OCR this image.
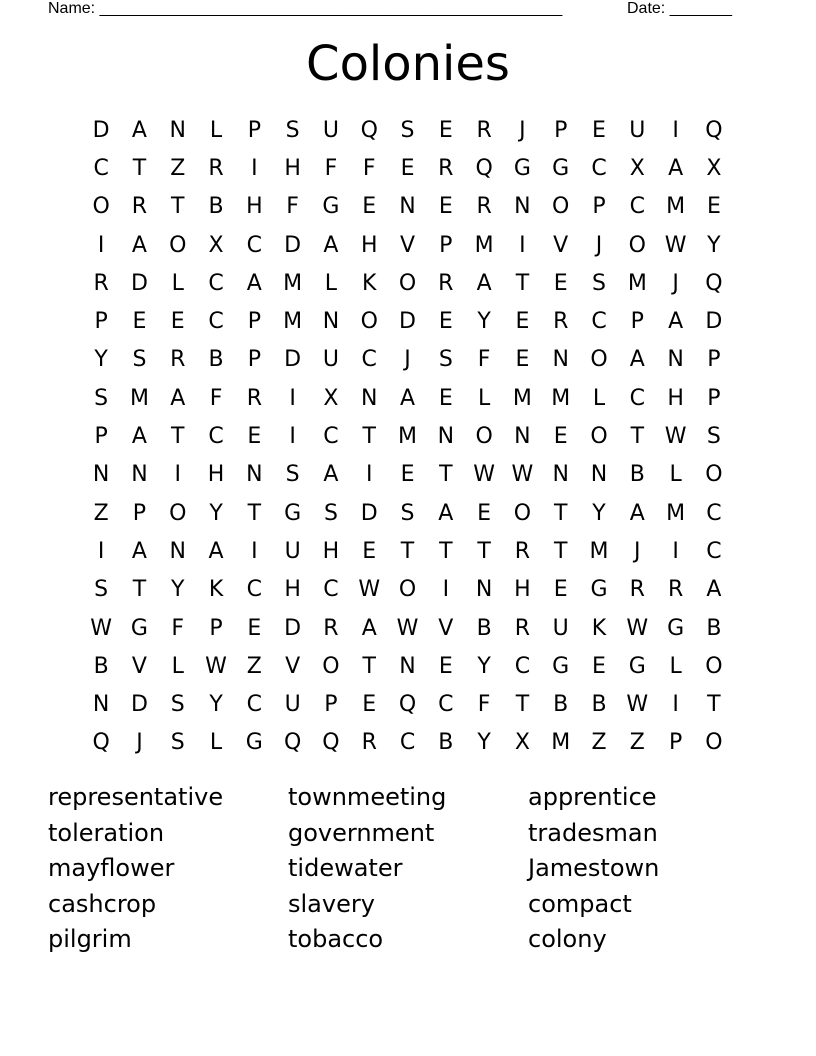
Name: ____________________________________________________	Date: _______
Colonies
D	A	N	L	P	S	U Q	S	E	R	J	P	E	U	I	Q
C	T	Z	R	I	H	F	F	E	R Q G G	C	X	A	X
O R	T	B	H	F	G	E	N	E	R	N O	P	C M E
I	A	O	X	C	D	A	H	V	P	M	I	V	J	O W Y
R	D	L	C	A M	L	K	O R	A	T	E	S M	J	Q
P	E	E	C	P	M N O D	E	Y	E	R	C	P	A	D
Y	S	R	B	P	D U	C	J	S	F	E	N O	A	N	P
S M A	F	R	I	X	N	A	E	L	M M	L	C	H	P
P	A	T	C	E	I	C	T	M N O N	E	O	T W S
N N	I	H N	S	A	I	E	T W W N N	B	L	O
Z	P	O	Y	T	G	S	D	S	A	E	O	T	Y	A M C
I	A	N	A	I	U H	E	T	T	T	R	T	M	J	I	C
S	T	Y	K	C	H	C W O	I	N H	E	G	R	R	A
W G	F	P	E	D	R	A W V	B	R	U	K W G	B
B	V	L W Z	V	O	T	N	E	Y	C	G	E	G	L	O
N D	S	Y	C	U	P	E	Q C	F	T	B	B W	I	T
Q	J	S	L	G Q Q R	C	B	Y	X M Z	Z	P	O
representative
toleration
mayflower
cashcrop
pilgrim
townmeeting
government
tidewater
slavery
tobacco
apprentice
tradesman
Jamestown
compact
colony
